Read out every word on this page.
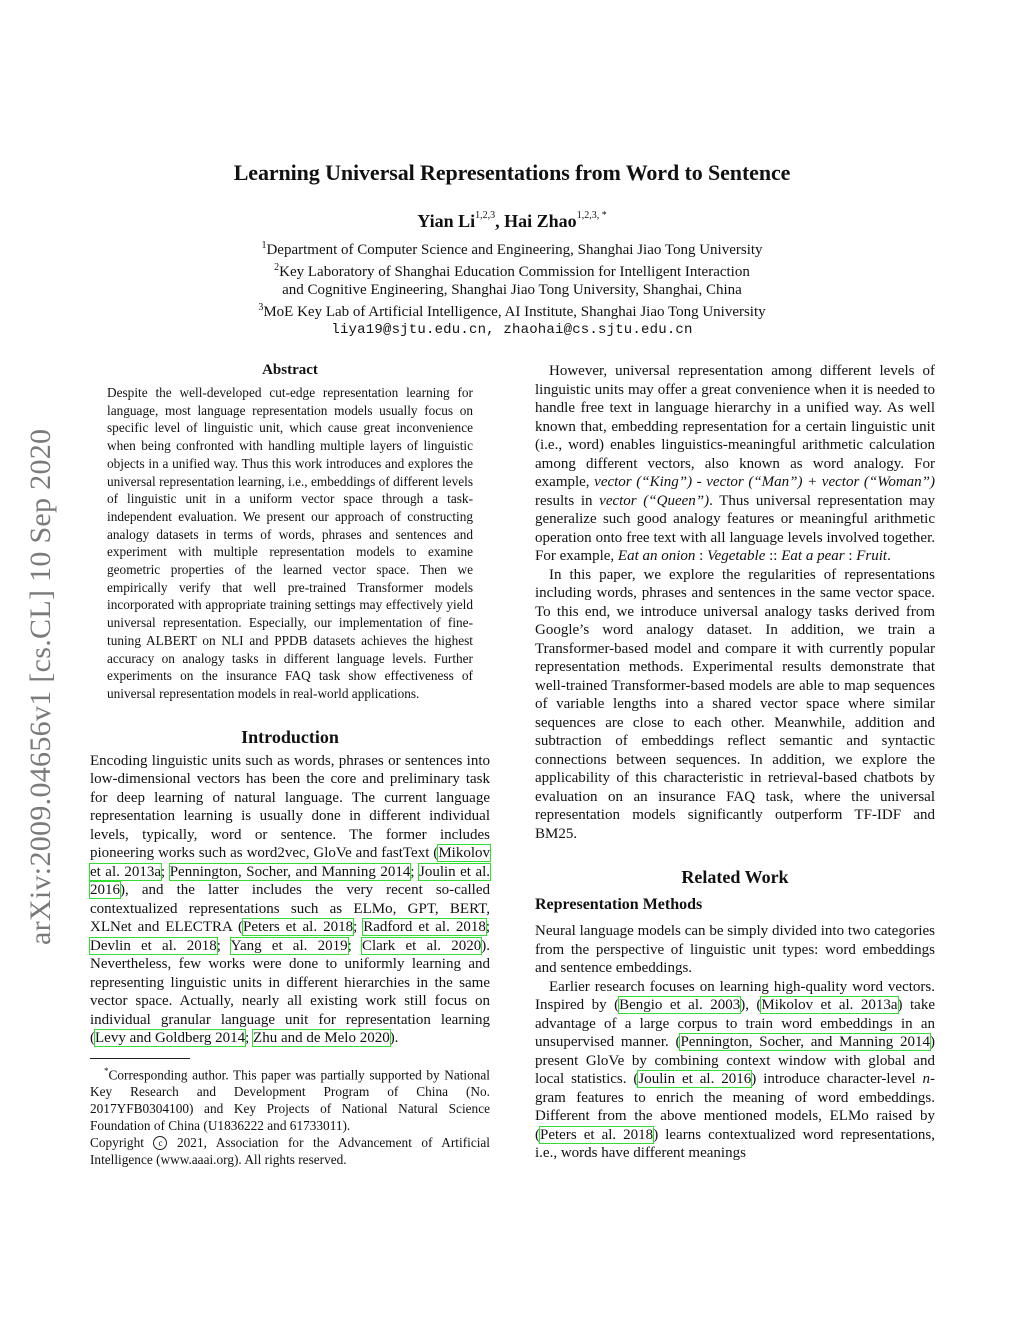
Learning Universal Representations from Word to Sentence
Yian Li$^{1,2,3}$, Hai Zhao$^{1,2,3, *}$
$^1$Department of Computer Science and Engineering, Shanghai Jiao Tong University
$^2$Key Laboratory of Shanghai Education Commission for Intelligent Interaction
and Cognitive Engineering, Shanghai Jiao Tong University, Shanghai, China
$^3$MoE Key Lab of Artificial Intelligence, AI Institute, Shanghai Jiao Tong University
liya19@sjtu.edu.cn, zhaohai@cs.sjtu.edu.cn
arXiv:2009.04656v1 [cs.CL] 10 Sep 2020
Abstract

Despite the well-developed cut-edge representation learning for language, most language representation models usually focus on specific level of linguistic unit, which cause great inconvenience when being confronted with handling multiple layers of linguistic objects in a unified way. Thus this work introduces and explores the universal representation learning, i.e., embeddings of different levels of linguistic unit in a uniform vector space through a task-independent evaluation. We present our approach of constructing analogy datasets in terms of words, phrases and sentences and experiment with multiple representation models to examine geometric properties of the learned vector space. Then we empirically verify that well pre-trained Transformer models incorporated with appropriate training settings may effectively yield universal representation. Especially, our implementation of fine-tuning ALBERT on NLI and PPDB datasets achieves the highest accuracy on analogy tasks in different language levels. Further experiments on the insurance FAQ task show effectiveness of universal representation models in real-world applications.

Introduction

Encoding linguistic units such as words, phrases or sentences into low-dimensional vectors has been the core and preliminary task for deep learning of natural language. The current language representation learning is usually done in different individual levels, typically, word or sentence. The former includes pioneering works such as word2vec, GloVe and fastText (Mikolov et al. 2013a; Pennington, Socher, and Manning 2014; Joulin et al. 2016), and the latter includes the very recent so-called contextualized representations such as ELMo, GPT, BERT, XLNet and ELECTRA (Peters et al. 2018; Radford et al. 2018; Devlin et al. 2018; Yang et al. 2019; Clark et al. 2020). Nevertheless, few works were done to uniformly learning and representing linguistic units in different hierarchies in the same vector space. Actually, nearly all existing work still focus on individual granular language unit for representation learning (Levy and Goldberg 2014; Zhu and de Melo 2020).

*Corresponding author. This paper was partially supported by National Key Research and Development Program of China (No. 2017YFB0304100) and Key Projects of National Natural Science Foundation of China (U1836222 and 61733011).

Copyright c 2021, Association for the Advancement of Artificial Intelligence (www.aaai.org). All rights reserved.

However, universal representation among different levels of linguistic units may offer a great convenience when it is needed to handle free text in language hierarchy in a unified way. As well known that, embedding representation for a certain linguistic unit (i.e., word) enables linguistics-meaningful arithmetic calculation among different vectors, also known as word analogy. For example, vector (“King”) - vector (“Man”) + vector (“Woman”) results in vector (“Queen”). Thus universal representation may generalize such good analogy features or meaningful arithmetic operation onto free text with all language levels involved together. For example, Eat an onion : Vegetable :: Eat a pear : Fruit.

In this paper, we explore the regularities of representations including words, phrases and sentences in the same vector space. To this end, we introduce universal analogy tasks derived from Google’s word analogy dataset. In addition, we train a Transformer-based model and compare it with currently popular representation methods. Experimental results demonstrate that well-trained Transformer-based models are able to map sequences of variable lengths into a shared vector space where similar sequences are close to each other. Meanwhile, addition and subtraction of embeddings reflect semantic and syntactic connections between sequences. In addition, we explore the applicability of this characteristic in retrieval-based chatbots by evaluation on an insurance FAQ task, where the universal representation models significantly outperform TF-IDF and BM25.

Related Work
Representation Methods

Neural language models can be simply divided into two categories from the perspective of linguistic unit types: word embeddings and sentence embeddings.

Earlier research focuses on learning high-quality word vectors. Inspired by (Bengio et al. 2003), (Mikolov et al. 2013a) take advantage of a large corpus to train word embeddings in an unsupervised manner. (Pennington, Socher, and Manning 2014) present GloVe by combining context window with global and local statistics. (Joulin et al. 2016) introduce character-level n-gram features to enrich the meaning of word embeddings. Different from the above mentioned models, ELMo raised by (Peters et al. 2018) learns contextualized word representations, i.e., words have different meanings
